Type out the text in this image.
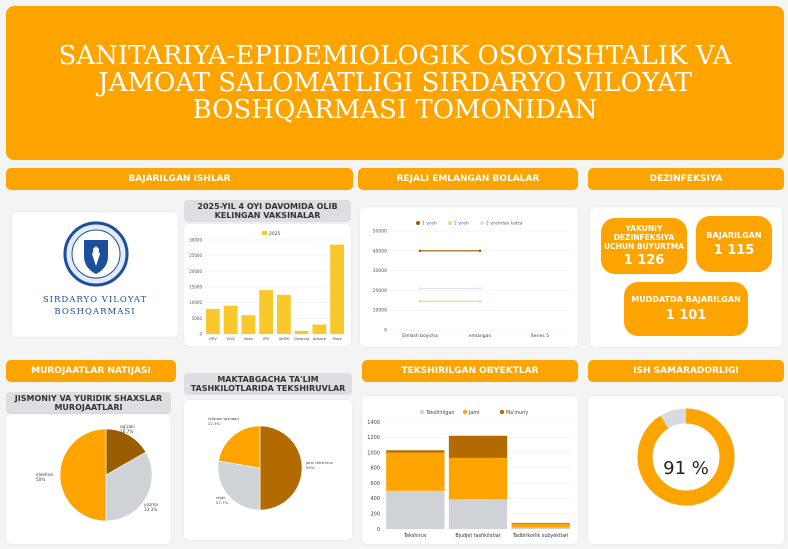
SANITARIYA-EPIDEMIOLOGIK OSOYISHTALIK VA JAMOAT SALOMATLIGI SIRDARYO VILOYAT BOSHQARMASI TOMONIDAN
BAJARILGAN ISHLAR	REJALI EMLANGAN BOLALAR	DEZINFEKSIYA
SIRDARYO VILOYAT
BOSHQARMASI
2025-YIL 4 OYI DAVOMIDA OLIB KELINGAN VAKSINALAR
0
5000
10000
15000
20000
25000
30000
2025
OPV	VGV Rota	IPV	AKDS Qizamiq Adsorb Pnev
0
10000
20000
30000
40000
50000
1 yosh	2 yosh	2 yoshdan katta
Emlash boyicha	emlangan	Series 5
YAKUNIY DEZINFEKSIYA UCHUN BUYURTMA
1 126
BAJARILGAN
1 115
MUDDATDA BAJARILGAN
1 101
MUROJAATLAR NATIJASI	TEKSHIRILGAN OBYEKTLAR	ISH SAMARADORLIGI
JISMONIY VA YURIDIK SHAXSLAR MUROJAATLARI
og'zaki
16.7%
yozma
33.3%
elektron
50%
MAKTABGACHA TA'LIM TASHKILOTLARIDA TEKSHIRUVLAR
jami tekshiruv
50%
rejali
27.7%
rejadan tashqari
22.3%
0
200
400
600
800
1000
1200
1400
Tekshirilgan	Jami	Ma'muriy
Tekshiruv	Bjudjet tashkilotlar	Tadbirkorlik subyektlari
91 %
